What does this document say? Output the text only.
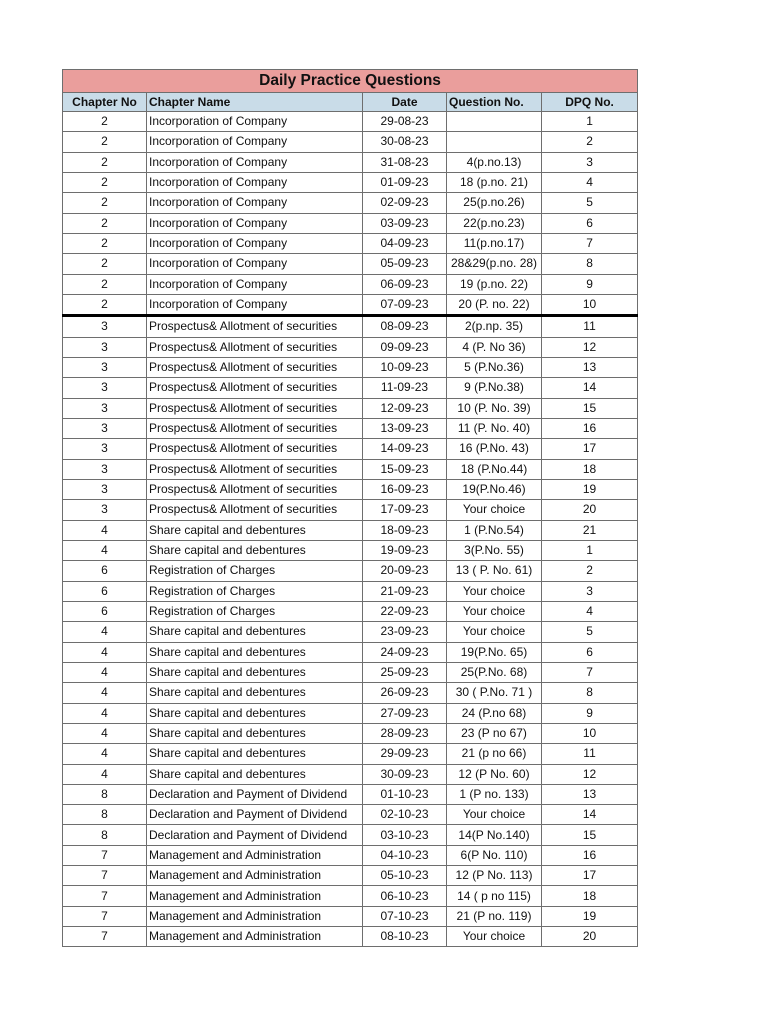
Daily Practice Questions				
Chapter No	Chapter Name	Date	Question No.	DPQ No.
2	Incorporation of Company	29-08-23		1
2	Incorporation of Company	30-08-23		2
2	Incorporation of Company	31-08-23	4(p.no.13)	3
2	Incorporation of Company	01-09-23	18 (p.no. 21)	4
2	Incorporation of Company	02-09-23	25(p.no.26)	5
2	Incorporation of Company	03-09-23	22(p.no.23)	6
2	Incorporation of Company	04-09-23	11(p.no.17)	7
2	Incorporation of Company	05-09-23	28&29(p.no. 28)	8
2	Incorporation of Company	06-09-23	19 (p.no. 22)	9
2	Incorporation of Company	07-09-23	20 (P. no. 22)	10
3	Prospectus& Allotment of securities	08-09-23	2(p.np. 35)	11
3	Prospectus& Allotment of securities	09-09-23	4 (P. No 36)	12
3	Prospectus& Allotment of securities	10-09-23	5 (P.No.36)	13
3	Prospectus& Allotment of securities	11-09-23	9 (P.No.38)	14
3	Prospectus& Allotment of securities	12-09-23	10 (P. No. 39)	15
3	Prospectus& Allotment of securities	13-09-23	11 (P. No. 40)	16
3	Prospectus& Allotment of securities	14-09-23	16 (P.No. 43)	17
3	Prospectus& Allotment of securities	15-09-23	18 (P.No.44)	18
3	Prospectus& Allotment of securities	16-09-23	19(P.No.46)	19
3	Prospectus& Allotment of securities	17-09-23	Your choice	20
4	Share capital and debentures	18-09-23	1 (P.No.54)	21
4	Share capital and debentures	19-09-23	3(P.No. 55)	1
6	Registration of Charges	20-09-23	13 ( P. No. 61)	2
6	Registration of Charges	21-09-23	Your choice	3
6	Registration of Charges	22-09-23	Your choice	4
4	Share capital and debentures	23-09-23	Your choice	5
4	Share capital and debentures	24-09-23	19(P.No. 65)	6
4	Share capital and debentures	25-09-23	25(P.No. 68)	7
4	Share capital and debentures	26-09-23	30 ( P.No. 71 )	8
4	Share capital and debentures	27-09-23	24 (P.no 68)	9
4	Share capital and debentures	28-09-23	23 (P no 67)	10
4	Share capital and debentures	29-09-23	21 (p no 66)	11
4	Share capital and debentures	30-09-23	12 (P No. 60)	12
8	Declaration and Payment of Dividend	01-10-23	1 (P no. 133)	13
8	Declaration and Payment of Dividend	02-10-23	Your choice	14
8	Declaration and Payment of Dividend	03-10-23	14(P No.140)	15
7	Management and Administration	04-10-23	6(P No. 110)	16
7	Management and Administration	05-10-23	12 (P No. 113)	17
7	Management and Administration	06-10-23	14 ( p no 115)	18
7	Management and Administration	07-10-23	21 (P no. 119)	19
7	Management and Administration	08-10-23	Your choice	20
